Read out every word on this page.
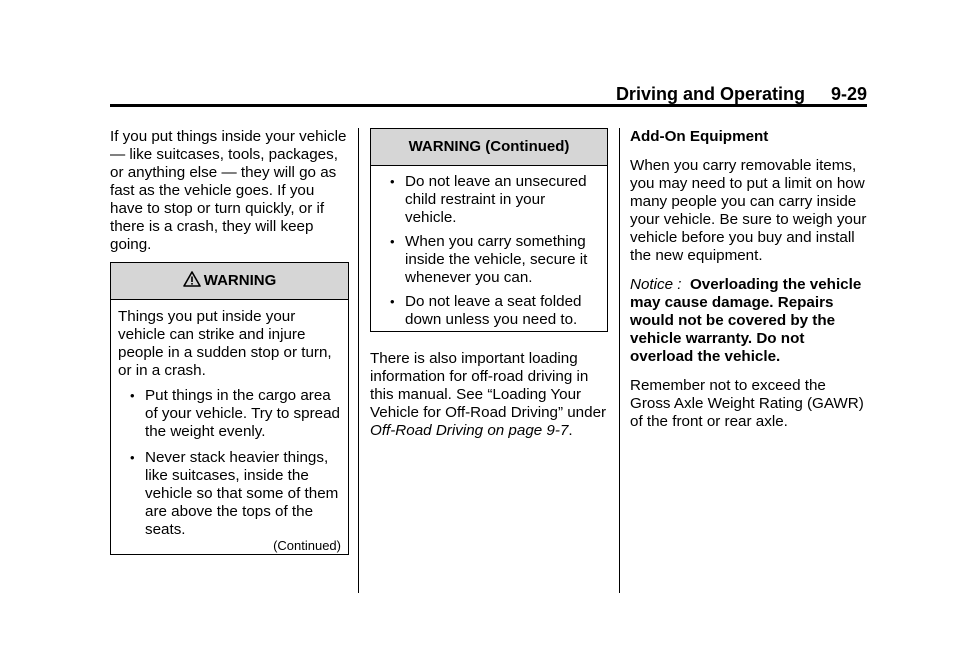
Driving and Operating 9-29

If you put things inside your vehicle — like suitcases, tools, packages, or anything else — they will go as fast as the vehicle goes. If you have to stop or turn quickly, or if there is a crash, they will keep going.

WARNING

Things you put inside your vehicle can strike and injure people in a sudden stop or turn, or in a crash.

• Put things in the cargo area of your vehicle. Try to spread the weight evenly.

• Never stack heavier things, like suitcases, inside the vehicle so that some of them are above the tops of the seats.

(Continued)
WARNING (Continued)

• Do not leave an unsecured child restraint in your vehicle.

• When you carry something inside the vehicle, secure it whenever you can.

• Do not leave a seat folded down unless you need to.

There is also important loading information for off-road driving in this manual. See “Loading Your Vehicle for Off-Road Driving” under Off-Road Driving on page 9-7.

Add-On Equipment

When you carry removable items, you may need to put a limit on how many people you can carry inside your vehicle. Be sure to weigh your vehicle before you buy and install the new equipment.

Notice : Overloading the vehicle may cause damage. Repairs would not be covered by the vehicle warranty. Do not overload the vehicle.

Remember not to exceed the Gross Axle Weight Rating (GAWR) of the front or rear axle.
